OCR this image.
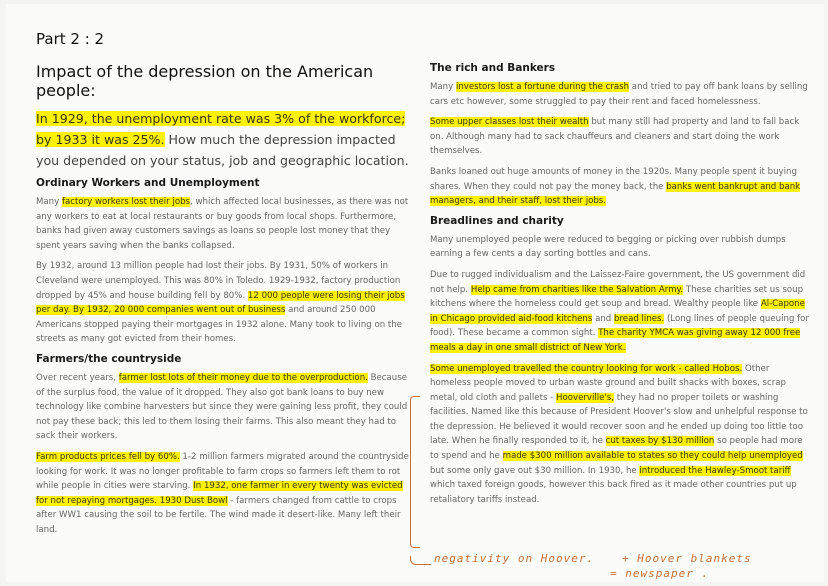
Part 2 : 2
Impact of the depression on the American people:

In 1929, the unemployment rate was 3% of the workforce; by 1933 it was 25%. How much the depression impacted you depended on your status, job and geographic location.

Ordinary Workers and Unemployment

Many factory workers lost their jobs, which affected local businesses, as there was not any workers to eat at local restaurants or buy goods from local shops. Furthermore, banks had given away customers savings as loans so people lost money that they spent years saving when the banks collapsed.

By 1932, around 13 million people had lost their jobs. By 1931, 50% of workers in Cleveland were unemployed. This was 80% in Toledo. 1929-1932, factory production dropped by 45% and house building fell by 80%. 12 000 people were losing their jobs per day. By 1932, 20 000 companies went out of business and around 250 000 Americans stopped paying their mortgages in 1932 alone. Many took to living on the streets as many got evicted from their homes.

Farmers/the countryside

Over recent years, farmer lost lots of their money due to the overproduction. Because of the surplus food, the value of it dropped. They also got bank loans to buy new technology like combine harvesters but since they were gaining less profit, they could not pay these back; this led to them losing their farms. This also meant they had to sack their workers.

Farm products prices fell by 60%. 1-2 million farmers migrated around the countryside looking for work. It was no longer profitable to farm crops so farmers left them to rot while people in cities were starving. In 1932, one farmer in every twenty was evicted for not repaying mortgages. 1930 Dust Bowl - farmers changed from cattle to crops after WW1 causing the soil to be fertile. The wind made it desert-like. Many left their land.

The rich and Bankers

Many investors lost a fortune during the crash and tried to pay off bank loans by selling cars etc however, some struggled to pay their rent and faced homelessness.

Some upper classes lost their wealth but many still had property and land to fall back on. Although many had to sack chauffeurs and cleaners and start doing the work themselves.

Banks loaned out huge amounts of money in the 1920s. Many people spent it buying shares. When they could not pay the money back, the banks went bankrupt and bank managers, and their staff, lost their jobs.

Breadlines and charity

Many unemployed people were reduced to begging or picking over rubbish dumps earning a few cents a day sorting bottles and cans.

Due to rugged individualism and the Laissez-Faire government, the US government did not help. Help came from charities like the Salvation Army. These charities set us soup kitchens where the homeless could get soup and bread. Wealthy people like Al-Capone in Chicago provided aid-food kitchens and bread lines. (Long lines of people queuing for food). These became a common sight. The charity YMCA was giving away 12 000 free meals a day in one small district of New York.

Some unemployed travelled the country looking for work - called Hobos. Other homeless people moved to urban waste ground and built shacks with boxes, scrap metal, old cloth and pallets - Hooverville's, they had no proper toilets or washing facilities. Named like this because of President Hoover's slow and unhelpful response to the depression. He believed it would recover soon and he ended up doing too little too late. When he finally responded to it, he cut taxes by $130 million so people had more to spend and he made $300 million available to states so they could help unemployed but some only gave out $30 million. In 1930, he introduced the Hawley-Smoot tariff which taxed foreign goods, however this back fired as it made other countries put up retaliatory tariffs instead.

negativity on Hoover.	+ Hoover blankets
= newspaper .
